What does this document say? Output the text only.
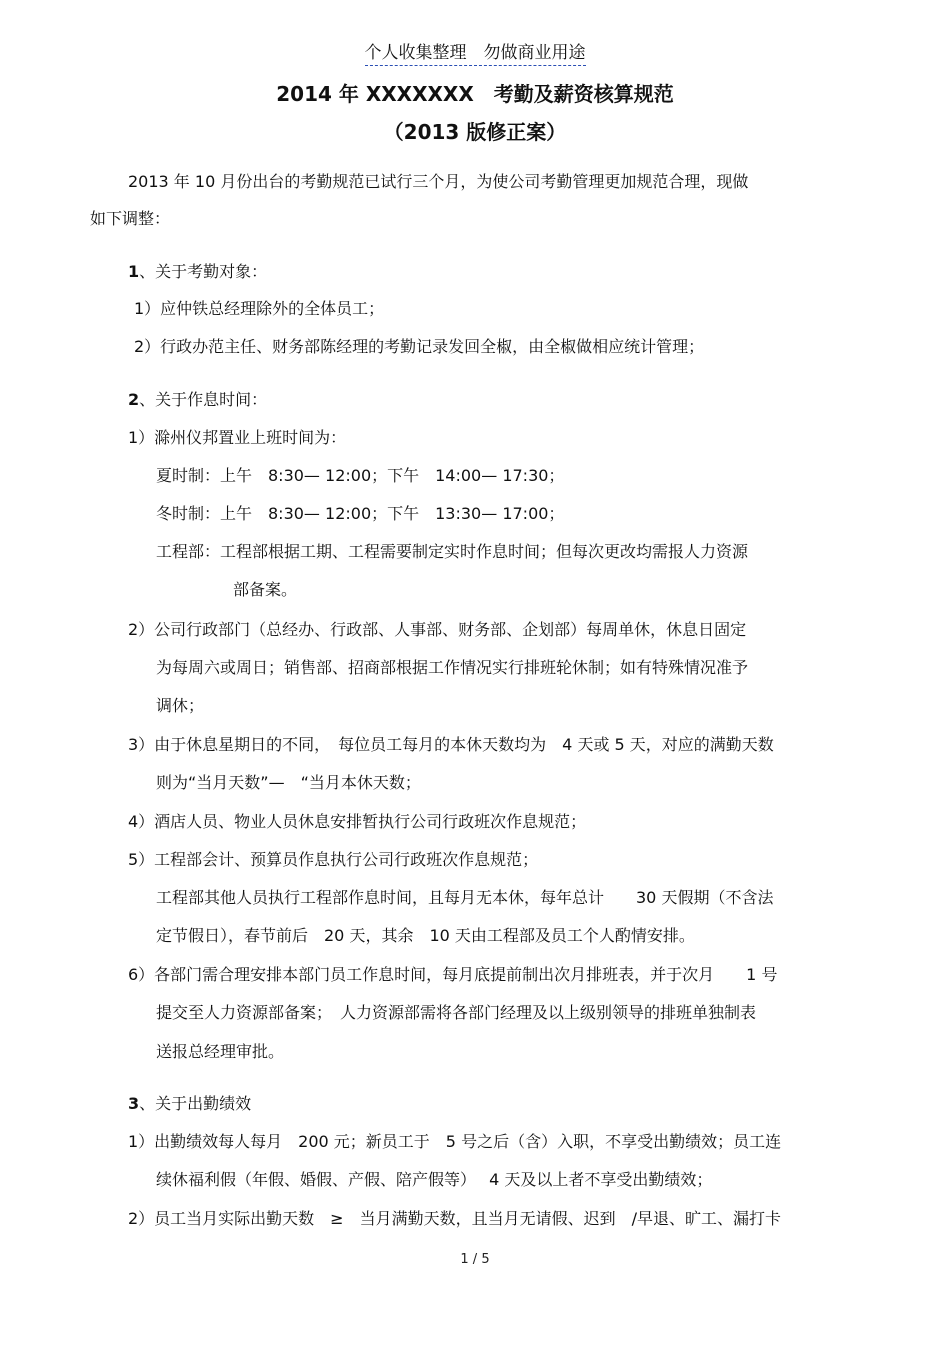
个人收集整理　勿做商业用途
2014 年 XXXXXXX　考勤及薪资核算规范
（2013 版修正案）
2013 年 10 月份出台的考勤规范已试行三个月，为使公司考勤管理更加规范合理，现做
如下调整：
1、关于考勤对象：
1）应仲铁总经理除外的全体员工；
2）行政办范主任、财务部陈经理的考勤记录发回全椒，由全椒做相应统计管理；
2、关于作息时间：
1）滁州仪邦置业上班时间为：
夏时制：上午　8:30— 12:00；下午　14:00— 17:30；
冬时制：上午　8:30— 12:00；下午　13:30— 17:00；
工程部：工程部根据工期、工程需要制定实时作息时间；但每次更改均需报人力资源
部备案。
2）公司行政部门（总经办、行政部、人事部、财务部、企划部）每周单休，休息日固定
为每周六或周日；销售部、招商部根据工作情况实行排班轮休制；如有特殊情况准予
调休；
3）由于休息星期日的不同，　每位员工每月的本休天数均为　4 天或 5 天，对应的满勤天数
则为“当月天数”—　“当月本休天数；
4）酒店人员、物业人员休息安排暂执行公司行政班次作息规范；
5）工程部会计、预算员作息执行公司行政班次作息规范；
工程部其他人员执行工程部作息时间，且每月无本休，每年总计　　30 天假期（不含法
定节假日），春节前后　20 天，其余　10 天由工程部及员工个人酌情安排。
6）各部门需合理安排本部门员工作息时间，每月底提前制出次月排班表，并于次月　　1 号
提交至人力资源部备案；　人力资源部需将各部门经理及以上级别领导的排班单独制表
送报总经理审批。
3、关于出勤绩效
1）出勤绩效每人每月　200 元；新员工于　5 号之后（含）入职，不享受出勤绩效；员工连
续休福利假（年假、婚假、产假、陪产假等）　 4 天及以上者不享受出勤绩效；
2）员工当月实际出勤天数　≥　当月满勤天数，且当月无请假、迟到　/早退、旷工、漏打卡
1 / 5
